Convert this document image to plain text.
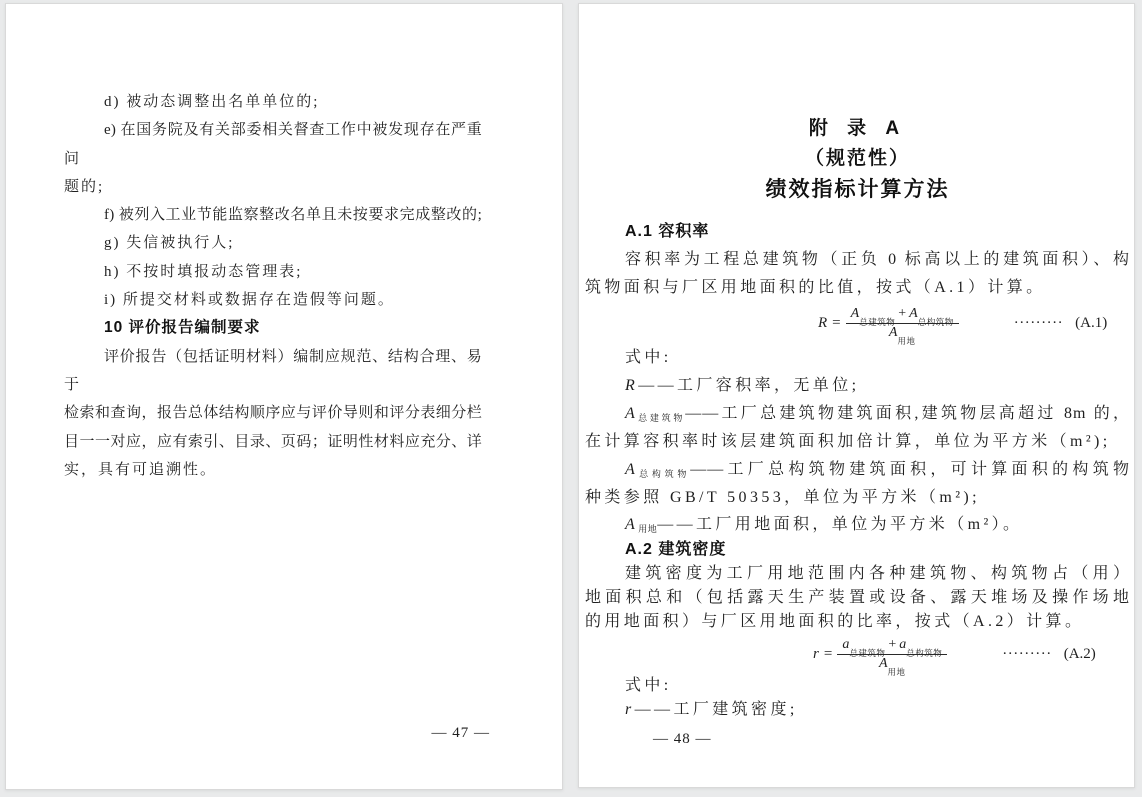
d) 被动态调整出名单单位的;

e) 在国务院及有关部委相关督查工作中被发现存在严重问

题的;

f) 被列入工业节能监察整改名单且未按要求完成整改的;

g) 失信被执行人;

h) 不按时填报动态管理表;

i) 所提交材料或数据存在造假等问题。

10 评价报告编制要求

评价报告（包括证明材料）编制应规范、结构合理、易于

检索和查询，报告总体结构顺序应与评价导则和评分表细分栏

目一一对应，应有索引、目录、页码；证明性材料应充分、详

实，具有可追溯性。

— 47 —

附 录 A

（规范性）

绩效指标计算方法

A.1 容积率

容积率为工程总建筑物（正负 0 标高以上的建筑面积）、构

筑物面积与厂区用地面积的比值，按式（A.1）计算。

R = A
总建筑物
+ A
总构筑物
A
用地	········· (A.1)

式中:

R——工厂容积率，无单位;

$A_{总建筑物}——$工厂总建筑物建筑面积,建筑物层高超过 8m 的，

在计算容积率时该层建筑面积加倍计算，单位为平方米（m²);

$A_{总构筑物}——$工厂总构筑物建筑面积，可计算面积的构筑物

种类参照 GB/T 50353，单位为平方米（m²);

$A_{用地}——$工厂用地面积，单位为平方米（m²）。

A.2 建筑密度

建筑密度为工厂用地范围内各种建筑物、构筑物占（用）

地面积总和（包括露天生产装置或设备、露天堆场及操作场地

的用地面积）与厂区用地面积的比率，按式（A.2）计算。

r = a
总建筑物
+ a
总构筑物
A
用地	········· (A.2)

式中:

r——工厂建筑密度;

— 48 —
